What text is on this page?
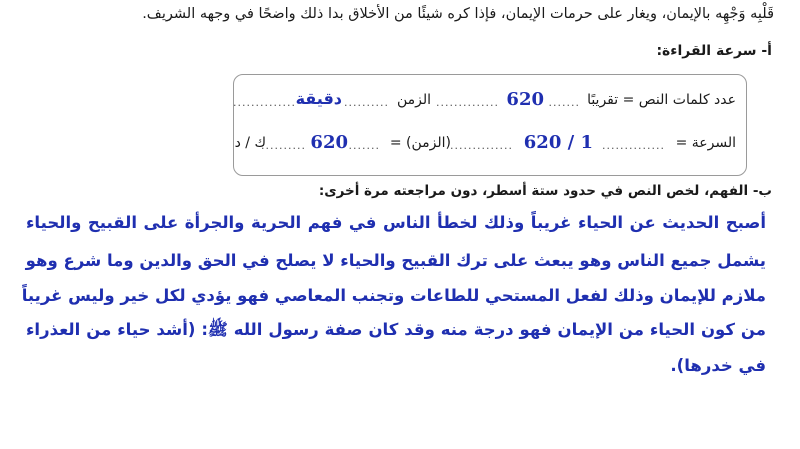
قَلْبِه وَجْهِه بالإيمان، ويغار على حرمات الإيمان، فإذا كره شيئًا من الأخلاق بدا ذلك واضحًا في وجهه الشريف.
أ- سرعة القراءة:
عدد كلمات النص = تقريبًا
.......
620
..............
الزمن
..........
دقيقة
..............
السرعة =
..............
620 / 1
..............
(الزمن) =
.......
620
..........
ك / د
ب- الفهم، لخص النص في حدود ستة أسطر، دون مراجعته مرة أخرى:
أصبح الحديث عن الحياء غريباً وذلك لخطأ الناس في فهم الحرية والجرأة على القبيح والحياء
يشمل جميع الناس وهو يبعث على ترك القبيح والحياء لا يصلح في الحق والدين وما شرع وهو
ملازم للإيمان وذلك لفعل المستحي للطاعات وتجنب المعاصي فهو يؤدي لكل خير وليس غريباً
من كون الحياء من الإيمان فهو درجة منه وقد كان صفة رسول الله ﷺ: (أشد حياء من العذراء
في خدرها).
